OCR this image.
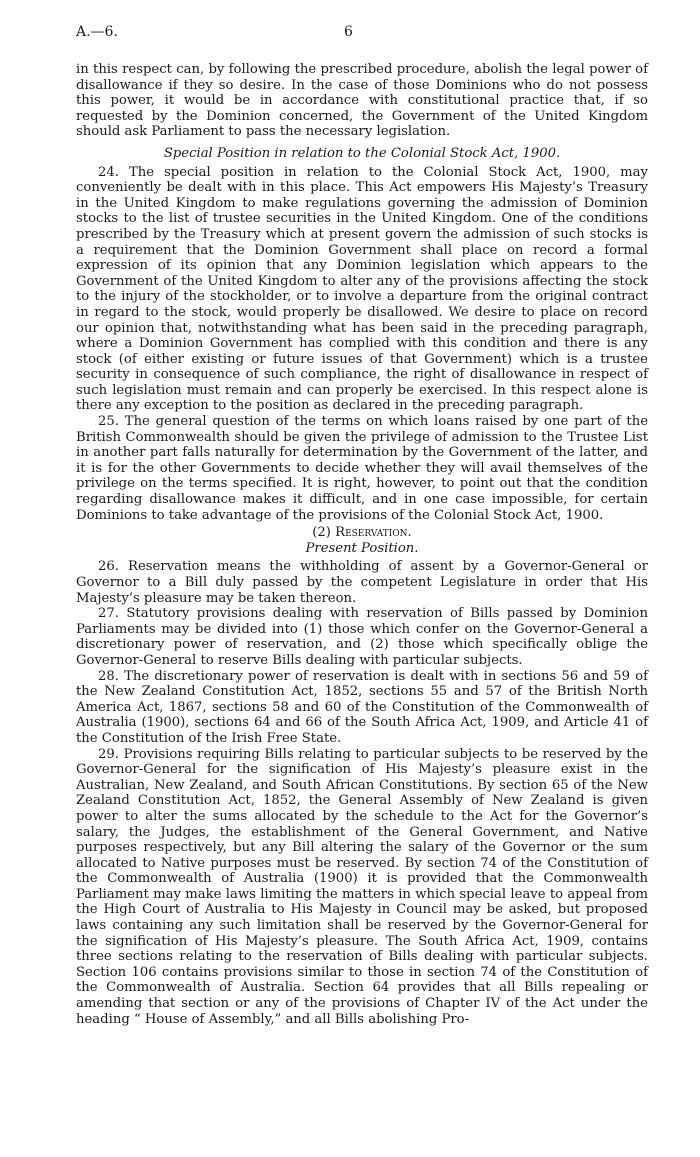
A.—6.	6

in this respect can, by following the prescribed procedure, abolish the legal power of disallowance if they so desire. In the case of those Dominions who do not possess this power, it would be in accordance with constitutional practice that, if so requested by the Dominion concerned, the Government of the United Kingdom should ask Parliament to pass the necessary legislation.

Special Position in relation to the Colonial Stock Act, 1900.

24. The special position in relation to the Colonial Stock Act, 1900, may conveniently be dealt with in this place. This Act empowers His Majesty’s Treasury in the United Kingdom to make regulations governing the admission of Dominion stocks to the list of trustee securities in the United Kingdom. One of the conditions prescribed by the Treasury which at present govern the admission of such stocks is a requirement that the Dominion Government shall place on record a formal expression of its opinion that any Dominion legislation which appears to the Government of the United Kingdom to alter any of the provisions affecting the stock to the injury of the stockholder, or to involve a departure from the original contract in regard to the stock, would properly be disallowed. We desire to place on record our opinion that, notwithstanding what has been said in the preceding paragraph, where a Dominion Government has complied with this condition and there is any stock (of either existing or future issues of that Government) which is a trustee security in consequence of such compliance, the right of disallowance in respect of such legislation must remain and can properly be exercised. In this respect alone is there any exception to the position as declared in the preceding paragraph.

25. The general question of the terms on which loans raised by one part of the British Commonwealth should be given the privilege of admission to the Trustee List in another part falls naturally for determination by the Government of the latter, and it is for the other Governments to decide whether they will avail themselves of the privilege on the terms specified. It is right, however, to point out that the condition regarding disallowance makes it difficult, and in one case impossible, for certain Dominions to take advantage of the provisions of the Colonial Stock Act, 1900.

(2) Reservation.

Present Position.

26. Reservation means the withholding of assent by a Governor-General or Governor to a Bill duly passed by the competent Legislature in order that His Majesty’s pleasure may be taken thereon.

27. Statutory provisions dealing with reservation of Bills passed by Dominion Parliaments may be divided into (1) those which confer on the Governor-General a discretionary power of reservation, and (2) those which specifically oblige the Governor-General to reserve Bills dealing with particular subjects.

28. The discretionary power of reservation is dealt with in sections 56 and 59 of the New Zealand Constitution Act, 1852, sections 55 and 57 of the British North America Act, 1867, sections 58 and 60 of the Constitution of the Commonwealth of Australia (1900), sections 64 and 66 of the South Africa Act, 1909, and Article 41 of the Constitution of the Irish Free State.

29. Provisions requiring Bills relating to particular subjects to be reserved by the Governor-General for the signification of His Majesty’s pleasure exist in the Australian, New Zealand, and South African Constitutions. By section 65 of the New Zealand Constitution Act, 1852, the General Assembly of New Zealand is given power to alter the sums allocated by the schedule to the Act for the Governor’s salary, the Judges, the establishment of the General Government, and Native purposes respectively, but any Bill altering the salary of the Governor or the sum allocated to Native purposes must be reserved. By section 74 of the Constitution of the Commonwealth of Australia (1900) it is provided that the Commonwealth Parliament may make laws limiting the matters in which special leave to appeal from the High Court of Australia to His Majesty in Council may be asked, but proposed laws containing any such limitation shall be reserved by the Governor-General for the signification of His Majesty’s pleasure. The South Africa Act, 1909, contains three sections relating to the reservation of Bills dealing with particular subjects. Section 106 contains provisions similar to those in section 74 of the Constitution of the Commonwealth of Australia. Section 64 provides that all Bills repealing or amending that section or any of the provisions of Chapter IV of the Act under the heading “ House of Assembly,” and all Bills abolishing Pro-
